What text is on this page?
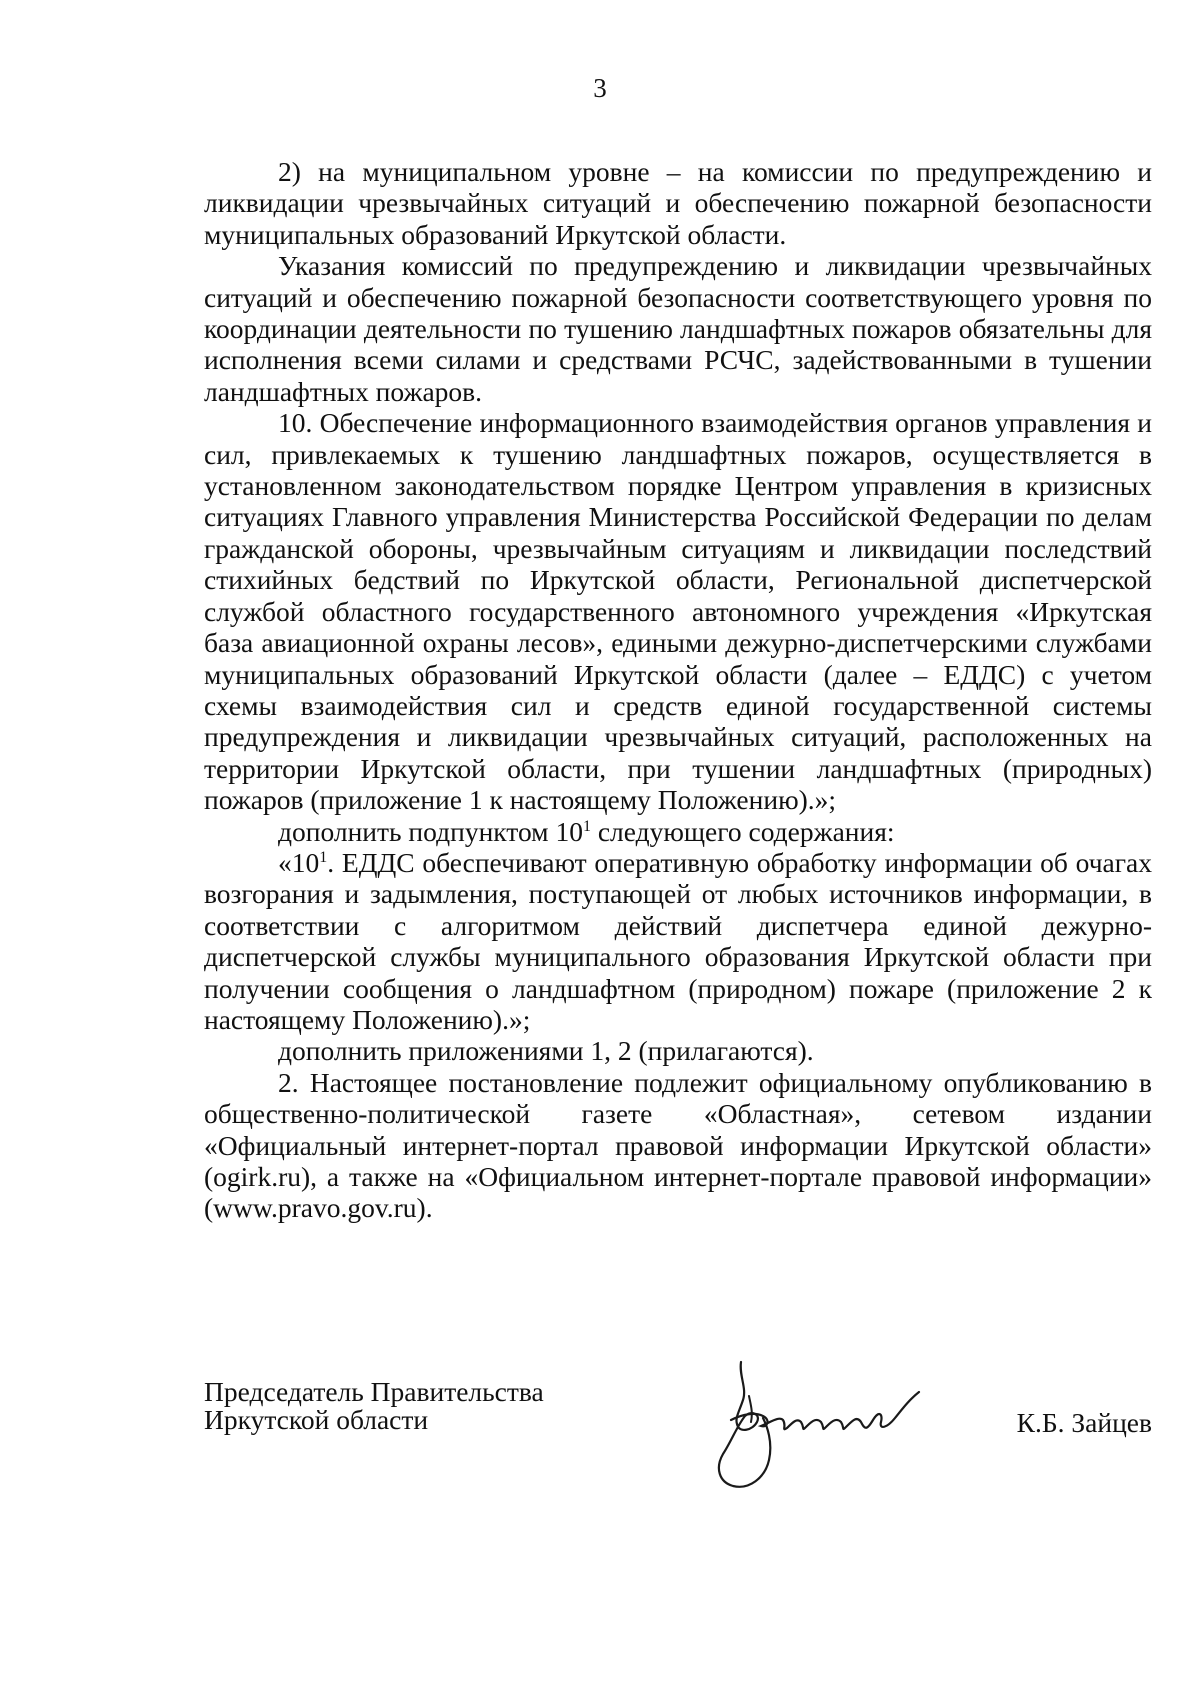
3

2) на муниципальном уровне – на комиссии по предупреждению и ликвидации чрезвычайных ситуаций и обеспечению пожарной безопасности муниципальных образований Иркутской области.

Указания комиссий по предупреждению и ликвидации чрезвычайных ситуаций и обеспечению пожарной безопасности соответствующего уровня по координации деятельности по тушению ландшафтных пожаров обязательны для исполнения всеми силами и средствами РСЧС, задействованными в тушении ландшафтных пожаров.

10. Обеспечение информационного взаимодействия органов управления и сил, привлекаемых к тушению ландшафтных пожаров, осуществляется в установленном законодательством порядке Центром управления в кризисных ситуациях Главного управления Министерства Российской Федерации по делам гражданской обороны, чрезвычайным ситуациям и ликвидации последствий стихийных бедствий по Иркутской области, Региональной диспетчерской службой областного государственного автономного учреждения «Иркутская база авиационной охраны лесов», едиными дежурно-диспетчерскими службами муниципальных образований Иркутской области (далее – ЕДДС) с учетом схемы взаимодействия сил и средств единой государственной системы предупреждения и ликвидации чрезвычайных ситуаций, расположенных на территории Иркутской области, при тушении ландшафтных (природных) пожаров (приложение 1 к настоящему Положению).»;

дополнить подпунктом $10^1$ следующего содержания:

«$10^1$. ЕДДС обеспечивают оперативную обработку информации об очагах возгорания и задымления, поступающей от любых источников информации, в соответствии с алгоритмом действий диспетчера единой дежурно-диспетчерской службы муниципального образования Иркутской области при получении сообщения о ландшафтном (природном) пожаре (приложение 2 к настоящему Положению).»;

дополнить приложениями 1, 2 (прилагаются).

2. Настоящее постановление подлежит официальному опубликованию в общественно-политической газете «Областная», сетевом издании «Официальный интернет-портал правовой информации Иркутской области» (ogirk.ru), а также на «Официальном интернет-портале правовой информации» (www.pravo.gov.ru).

Председатель Правительства
Иркутской области	К.Б. Зайцев
